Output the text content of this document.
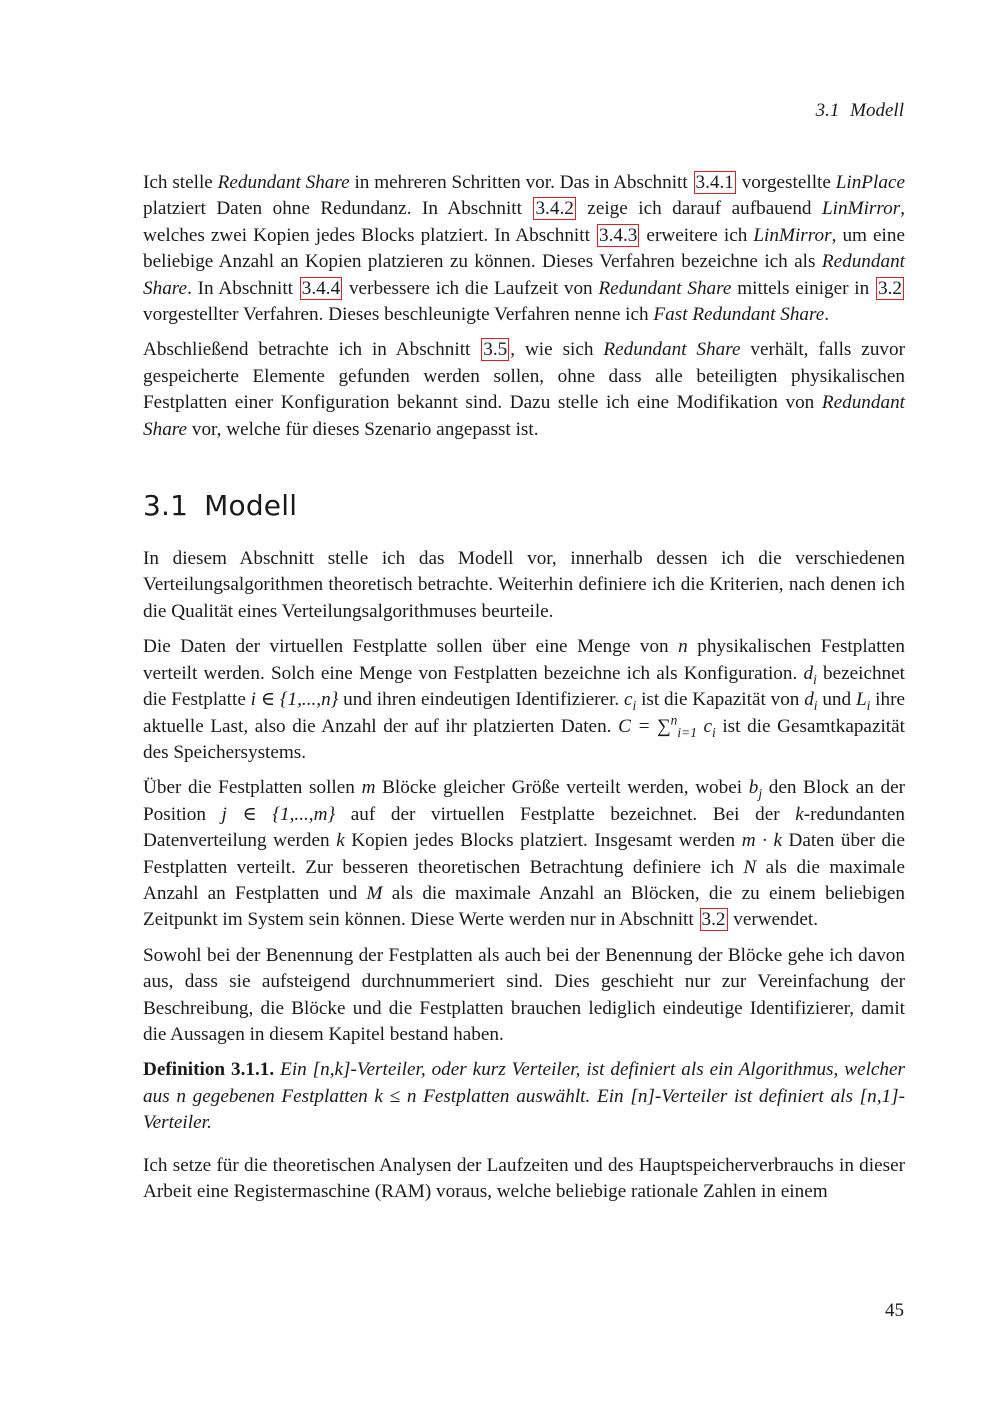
3.1 Modell

Ich stelle Redundant Share in mehreren Schritten vor. Das in Abschnitt 3.4.1 vorgestellte LinPlace platziert Daten ohne Redundanz. In Abschnitt 3.4.2 zeige ich darauf aufbauend LinMirror, welches zwei Kopien jedes Blocks platziert. In Abschnitt 3.4.3 erweitere ich LinMirror, um eine beliebige Anzahl an Kopien platzieren zu können. Dieses Verfahren bezeichne ich als Redundant Share. In Abschnitt 3.4.4 verbessere ich die Laufzeit von Redundant Share mittels einiger in 3.2 vorgestellter Verfahren. Dieses beschleunigte Verfahren nenne ich Fast Redundant Share.

Abschließend betrachte ich in Abschnitt 3.5 , wie sich Redundant Share verhält, falls zuvor gespeicherte Elemente gefunden werden sollen, ohne dass alle beteiligten physikalischen Festplatten einer Konfiguration bekannt sind. Dazu stelle ich eine Modifikation von Redundant Share vor, welche für dieses Szenario angepasst ist.

3.1 Modell

In diesem Abschnitt stelle ich das Modell vor, innerhalb dessen ich die verschiedenen Verteilungsalgorithmen theoretisch betrachte. Weiterhin definiere ich die Kriterien, nach denen ich die Qualität eines Verteilungsalgorithmuses beurteile.

Die Daten der virtuellen Festplatte sollen über eine Menge von n physikalischen Festplatten verteilt werden. Solch eine Menge von Festplatten bezeichne ich als Konfiguration. $d_i$ bezeichnet die Festplatte i ∈ {1,...,n} und ihren eindeutigen Identifizierer. $c_i$ ist die Kapazität von $d_i$ und $L_i$ ihre aktuelle Last, also die Anzahl der auf ihr platzierten Daten. C = ∑$^n_{i=1}$ $c_i$ ist die Gesamtkapazität des Speichersystems.

Über die Festplatten sollen m Blöcke gleicher Größe verteilt werden, wobei $b_j$ den Block an der Position j ∈ {1,...,m} auf der virtuellen Festplatte bezeichnet. Bei der k-redundanten Datenverteilung werden k Kopien jedes Blocks platziert. Insgesamt werden m · k Daten über die Festplatten verteilt. Zur besseren theoretischen Betrachtung definiere ich N als die maximale Anzahl an Festplatten und M als die maximale Anzahl an Blöcken, die zu einem beliebigen Zeitpunkt im System sein können. Diese Werte werden nur in Abschnitt 3.2 verwendet.

Sowohl bei der Benennung der Festplatten als auch bei der Benennung der Blöcke gehe ich davon aus, dass sie aufsteigend durchnummeriert sind. Dies geschieht nur zur Vereinfachung der Beschreibung, die Blöcke und die Festplatten brauchen lediglich eindeutige Identifizierer, damit die Aussagen in diesem Kapitel bestand haben.

Definition 3.1.1. Ein [n,k]-Verteiler, oder kurz Verteiler, ist definiert als ein Algorithmus, welcher aus n gegebenen Festplatten k ≤ n Festplatten auswählt. Ein [n]-Verteiler ist definiert als [n,1]-Verteiler.

Ich setze für die theoretischen Analysen der Laufzeiten und des Hauptspeicherverbrauchs in dieser Arbeit eine Registermaschine (RAM) voraus, welche beliebige rationale Zahlen in einem

45
